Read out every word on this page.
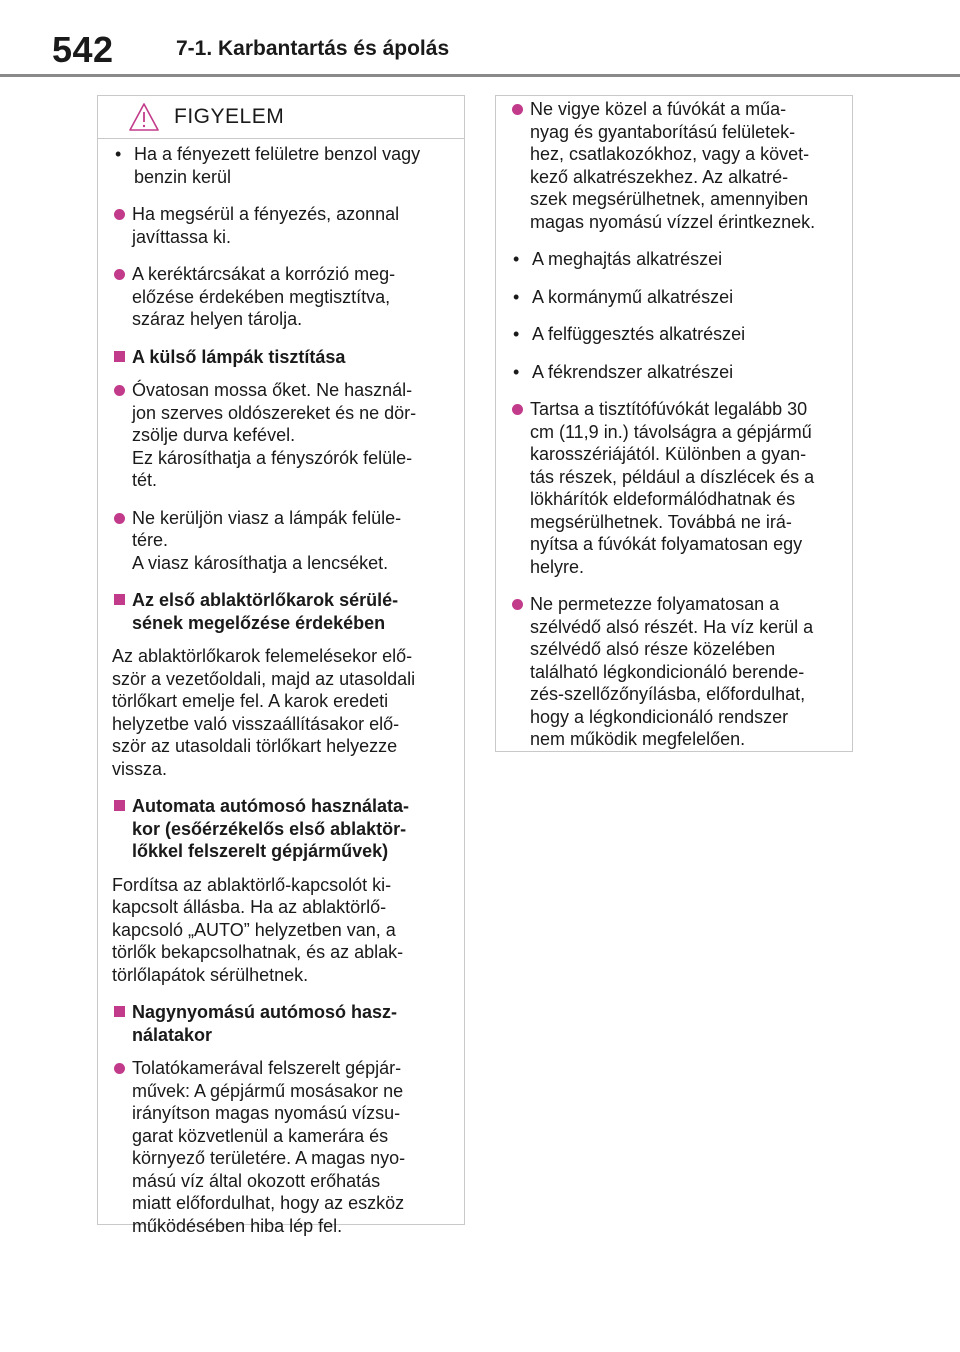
542	7-1. Karbantartás és ápolás
FIGYELEM
• Ha a fényezett felületre benzol vagy
benzin kerül
Ha megsérül a fényezés, azonnal
javíttassa ki.
A keréktárcsákat a korrózió meg-
előzése érdekében megtisztítva,
száraz helyen tárolja.
A külső lámpák tisztítása
Óvatosan mossa őket. Ne használ-
jon szerves oldószereket és ne dör-
zsölje durva kefével.
Ez károsíthatja a fényszórók felüle-
tét.
Ne kerüljön viasz a lámpák felüle-
tére.
A viasz károsíthatja a lencséket.
Az első ablaktörlőkarok sérülé-
sének megelőzése érdekében
Az ablaktörlőkarok felemelésekor elő-
ször a vezetőoldali, majd az utasoldali
törlőkart emelje fel. A karok eredeti
helyzetbe való visszaállításakor elő-
ször az utasoldali törlőkart helyezze
vissza.
Automata autómosó használata-
kor (esőérzékelős első ablaktör-
lőkkel felszerelt gépjárművek)
Fordítsa az ablaktörlő-kapcsolót ki-
kapcsolt állásba. Ha az ablaktörlő-
kapcsoló „AUTO” helyzetben van, a
törlők bekapcsolhatnak, és az ablak-
törlőlapátok sérülhetnek.
Nagynyomású autómosó hasz-
nálatakor
Tolatókamerával felszerelt gépjár-
művek: A gépjármű mosásakor ne
irányítson magas nyomású vízsu-
garat közvetlenül a kamerára és
környező területére. A magas nyo-
mású víz által okozott erőhatás
miatt előfordulhat, hogy az eszköz
működésében hiba lép fel.
Ne vigye közel a fúvókát a műa-
nyag és gyantaborítású felületek-
hez, csatlakozókhoz, vagy a követ-
kező alkatrészekhez. Az alkatré-
szek megsérülhetnek, amennyiben
magas nyomású vízzel érintkeznek.
• A meghajtás alkatrészei
• A kormánymű alkatrészei
• A felfüggesztés alkatrészei
• A fékrendszer alkatrészei
Tartsa a tisztítófúvókát legalább 30
cm (11,9 in.) távolságra a gépjármű
karosszériájától. Különben a gyan-
tás részek, például a díszlécek és a
lökhárítók eldeformálódhatnak és
megsérülhetnek. Továbbá ne irá-
nyítsa a fúvókát folyamatosan egy
helyre.
Ne permetezze folyamatosan a
szélvédő alsó részét. Ha víz kerül a
szélvédő alsó része közelében
található légkondicionáló berende-
zés-szellőzőnyílásba, előfordulhat,
hogy a légkondicionáló rendszer
nem működik megfelelően.
